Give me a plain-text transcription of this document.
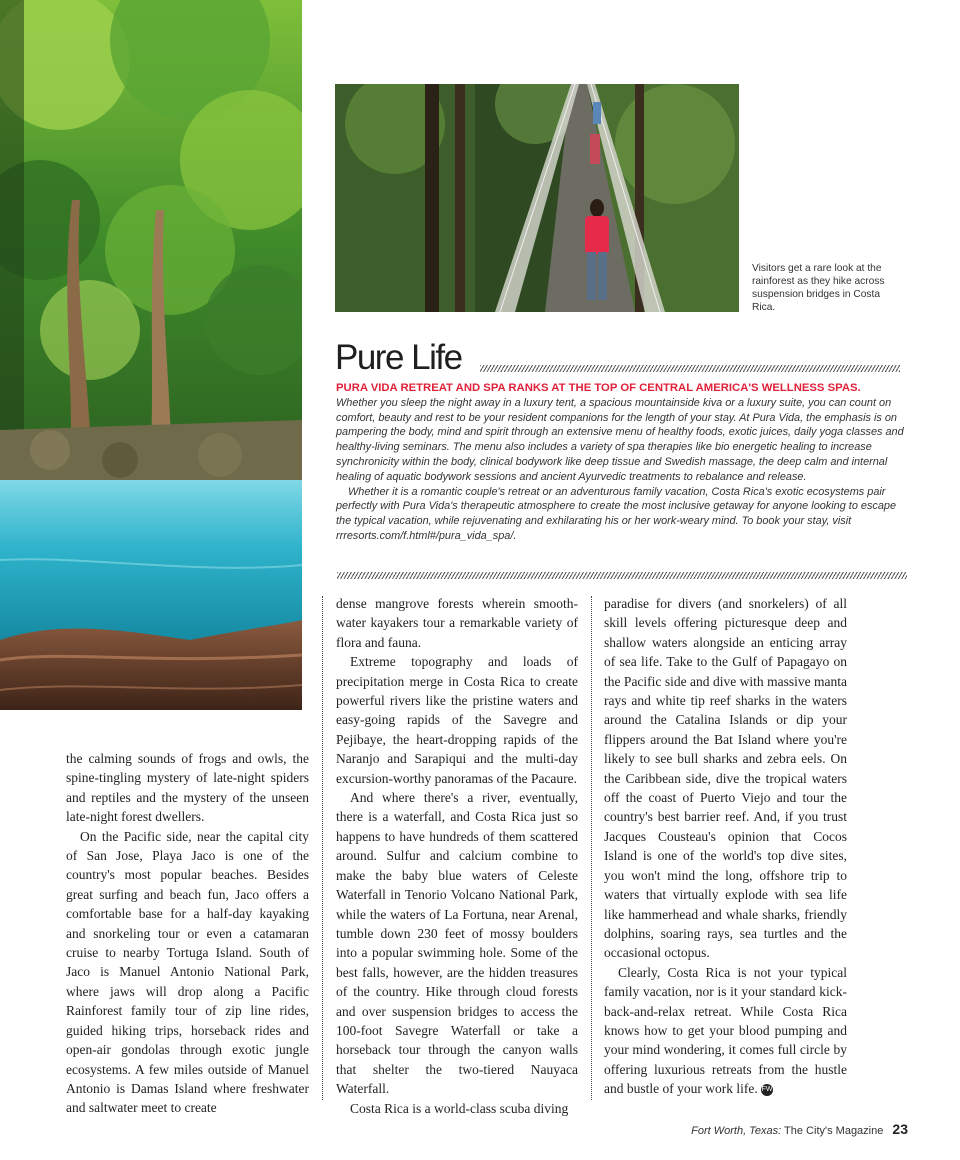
Visitors get a rare look at the rainforest as they hike across suspension bridges in Costa Rica.
Pure Life
PURA VIDA RETREAT AND SPA RANKS AT THE TOP OF CENTRAL AMERICA'S WELLNESS SPAS.

Whether you sleep the night away in a luxury tent, a spacious mountainside kiva or a luxury suite, you can count on comfort, beauty and rest to be your resident companions for the length of your stay. At Pura Vida, the emphasis is on pampering the body, mind and spirit through an extensive menu of healthy foods, exotic juices, daily yoga classes and healthy-living seminars. The menu also includes a variety of spa therapies like bio energetic healing to increase synchronicity within the body, clinical bodywork like deep tissue and Swedish massage, the deep calm and internal healing of aquatic bodywork sessions and ancient Ayurvedic treatments to rebalance and release.

Whether it is a romantic couple's retreat or an adventurous family vacation, Costa Rica's exotic ecosystems pair perfectly with Pura Vida's therapeutic atmosphere to create the most inclusive getaway for anyone looking to escape the typical vacation, while rejuvenating and exhilarating his or her work-weary mind. To book your stay, visit rrresorts.com/f.html#/pura_vida_spa/.

the calming sounds of frogs and owls, the spine-tingling mystery of late-night spiders and reptiles and the mystery of the unseen late-night forest dwellers.

On the Pacific side, near the capital city of San Jose, Playa Jaco is one of the country's most popular beaches. Besides great surfing and beach fun, Jaco offers a comfortable base for a half-day kayaking and snorkeling tour or even a catamaran cruise to nearby Tortuga Island. South of Jaco is Manuel Antonio National Park, where jaws will drop along a Pacific Rainforest family tour of zip line rides, guided hiking trips, horseback rides and open-air gondolas through exotic jungle ecosystems. A few miles outside of Manuel Antonio is Damas Island where freshwater and saltwater meet to create

dense mangrove forests wherein smooth-water kayakers tour a remarkable variety of flora and fauna.

Extreme topography and loads of precipitation merge in Costa Rica to create powerful rivers like the pristine waters and easy-going rapids of the Savegre and Pejibaye, the heart-dropping rapids of the Naranjo and Sarapiqui and the multi-day excursion-worthy panoramas of the Pacaure.

And where there's a river, eventually, there is a waterfall, and Costa Rica just so happens to have hundreds of them scattered around. Sulfur and calcium combine to make the baby blue waters of Celeste Waterfall in Tenorio Volcano National Park, while the waters of La Fortuna, near Arenal, tumble down 230 feet of mossy boulders into a popular swimming hole. Some of the best falls, however, are the hidden treasures of the country. Hike through cloud forests and over suspension bridges to access the 100-foot Savegre Waterfall or take a horseback tour through the canyon walls that shelter the two-tiered Nauyaca Waterfall.

Costa Rica is a world-class scuba diving

paradise for divers (and snorkelers) of all skill levels offering picturesque deep and shallow waters alongside an enticing array of sea life. Take to the Gulf of Papagayo on the Pacific side and dive with massive manta rays and white tip reef sharks in the waters around the Catalina Islands or dip your flippers around the Bat Island where you're likely to see bull sharks and zebra eels. On the Caribbean side, dive the tropical waters off the coast of Puerto Viejo and tour the country's best barrier reef. And, if you trust Jacques Cousteau's opinion that Cocos Island is one of the world's top dive sites, you won't mind the long, offshore trip to waters that virtually explode with sea life like hammerhead and whale sharks, friendly dolphins, soaring rays, sea turtles and the occasional octopus.

Clearly, Costa Rica is not your typical family vacation, nor is it your standard kick-back-and-relax retreat. While Costa Rica knows how to get your blood pumping and your mind wondering, it comes full circle by offering luxurious retreats from the hustle and bustle of your work life. FW

Fort Worth, Texas: The City's Magazine 23
